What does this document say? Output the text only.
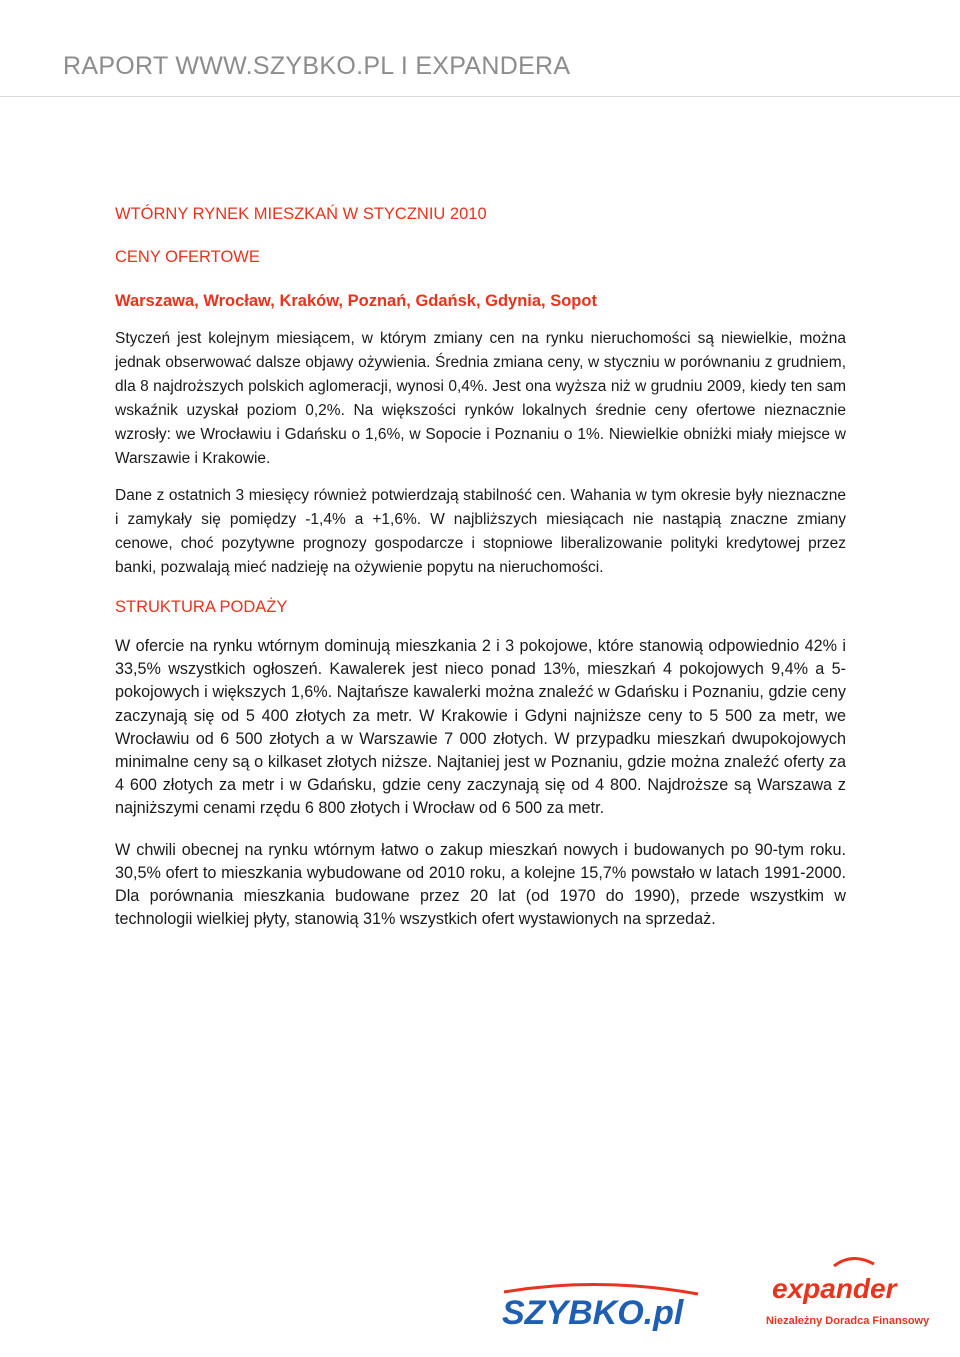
RAPORT WWW.SZYBKO.PL I EXPANDERA
WTÓRNY RYNEK MIESZKAŃ W STYCZNIU 2010
CENY OFERTOWE
Warszawa, Wrocław, Kraków, Poznań, Gdańsk, Gdynia, Sopot

Styczeń jest kolejnym miesiącem, w którym zmiany cen na rynku nieruchomości są niewielkie, można jednak obserwować dalsze objawy ożywienia. Średnia zmiana ceny, w styczniu w porównaniu z grudniem, dla 8 najdroższych polskich aglomeracji, wynosi 0,4%. Jest ona wyższa niż w grudniu 2009, kiedy ten sam wskaźnik uzyskał poziom 0,2%. Na większości rynków lokalnych średnie ceny ofertowe nieznacznie wzrosły: we Wrocławiu i Gdańsku o 1,6%, w Sopocie i Poznaniu o 1%. Niewielkie obniżki miały miejsce w Warszawie i Krakowie.

Dane z ostatnich 3 miesięcy również potwierdzają stabilność cen. Wahania w tym okresie były nieznaczne i zamykały się pomiędzy -1,4% a +1,6%. W najbliższych miesiącach nie nastąpią znaczne zmiany cenowe, choć pozytywne prognozy gospodarcze i stopniowe liberalizowanie polityki kredytowej przez banki, pozwalają mieć nadzieję na ożywienie popytu na nieruchomości.

STRUKTURA PODAŻY

W ofercie na rynku wtórnym dominują mieszkania 2 i 3 pokojowe, które stanowią odpowiednio 42% i 33,5% wszystkich ogłoszeń. Kawalerek jest nieco ponad 13%, mieszkań 4 pokojowych 9,4% a 5-pokojowych i większych 1,6%. Najtańsze kawalerki można znaleźć w Gdańsku i Poznaniu, gdzie ceny zaczynają się od 5 400 złotych za metr. W Krakowie i Gdyni najniższe ceny to 5 500 za metr, we Wrocławiu od 6 500 złotych a w Warszawie 7 000 złotych. W przypadku mieszkań dwupokojowych minimalne ceny są o kilkaset złotych niższe. Najtaniej jest w Poznaniu, gdzie można znaleźć oferty za 4 600 złotych za metr i w Gdańsku, gdzie ceny zaczynają się od 4 800. Najdroższe są Warszawa z najniższymi cenami rzędu 6 800 złotych i Wrocław od 6 500 za metr.

W chwili obecnej na rynku wtórnym łatwo o zakup mieszkań nowych i budowanych po 90-tym roku. 30,5% ofert to mieszkania wybudowane od 2010 roku, a kolejne 15,7% powstało w latach 1991-2000. Dla porównania mieszkania budowane przez 20 lat (od 1970 do 1990), przede wszystkim w technologii wielkiej płyty, stanowią 31% wszystkich ofert wystawionych na sprzedaż.

SZYBKO.pl
expander
Niezależny Doradca Finansowy
